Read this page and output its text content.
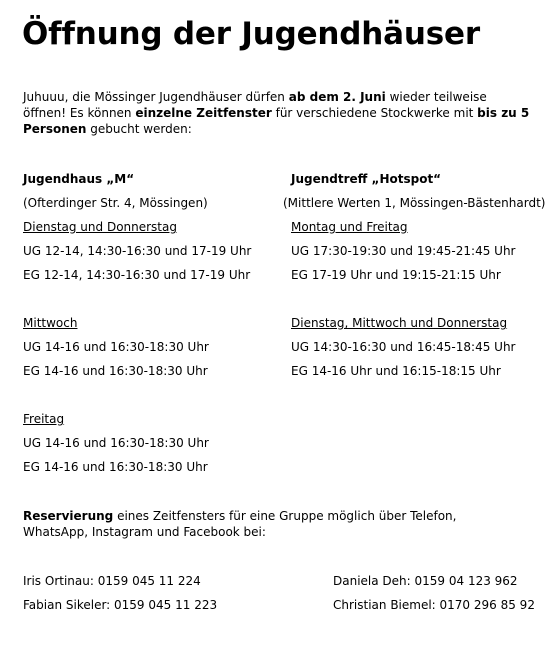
Öffnung der Jugendhäuser
Juhuuu, die Mössinger Jugendhäuser dürfen ab dem 2. Juni wieder teilweise öffnen! Es können einzelne Zeitfenster für verschiedene Stockwerke mit bis zu 5 Personen gebucht werden:
Jugendhaus „M“
(Ofterdinger Str. 4, Mössingen)
Dienstag und Donnerstag
UG 12-14, 14:30-16:30 und 17-19 Uhr
EG 12-14, 14:30-16:30 und 17-19 Uhr
Mittwoch
UG 14-16 und 16:30-18:30 Uhr
EG 14-16 und 16:30-18:30 Uhr
Freitag
UG 14-16 und 16:30-18:30 Uhr
EG 14-16 und 16:30-18:30 Uhr
Jugendtreff „Hotspot“
(Mittlere Werten 1, Mössingen-Bästenhardt)
Montag und Freitag
UG 17:30-19:30 und 19:45-21:45 Uhr
EG 17-19 Uhr und 19:15-21:15 Uhr
Dienstag, Mittwoch und Donnerstag
UG 14:30-16:30 und 16:45-18:45 Uhr
EG 14-16 Uhr und 16:15-18:15 Uhr
Reservierung eines Zeitfensters für eine Gruppe möglich über Telefon, WhatsApp, Instagram und Facebook bei:
Iris Ortinau: 0159 045 11 224
Fabian Sikeler: 0159 045 11 223
Daniela Deh: 0159 04 123 962
Christian Biemel: 0170 296 85 92
